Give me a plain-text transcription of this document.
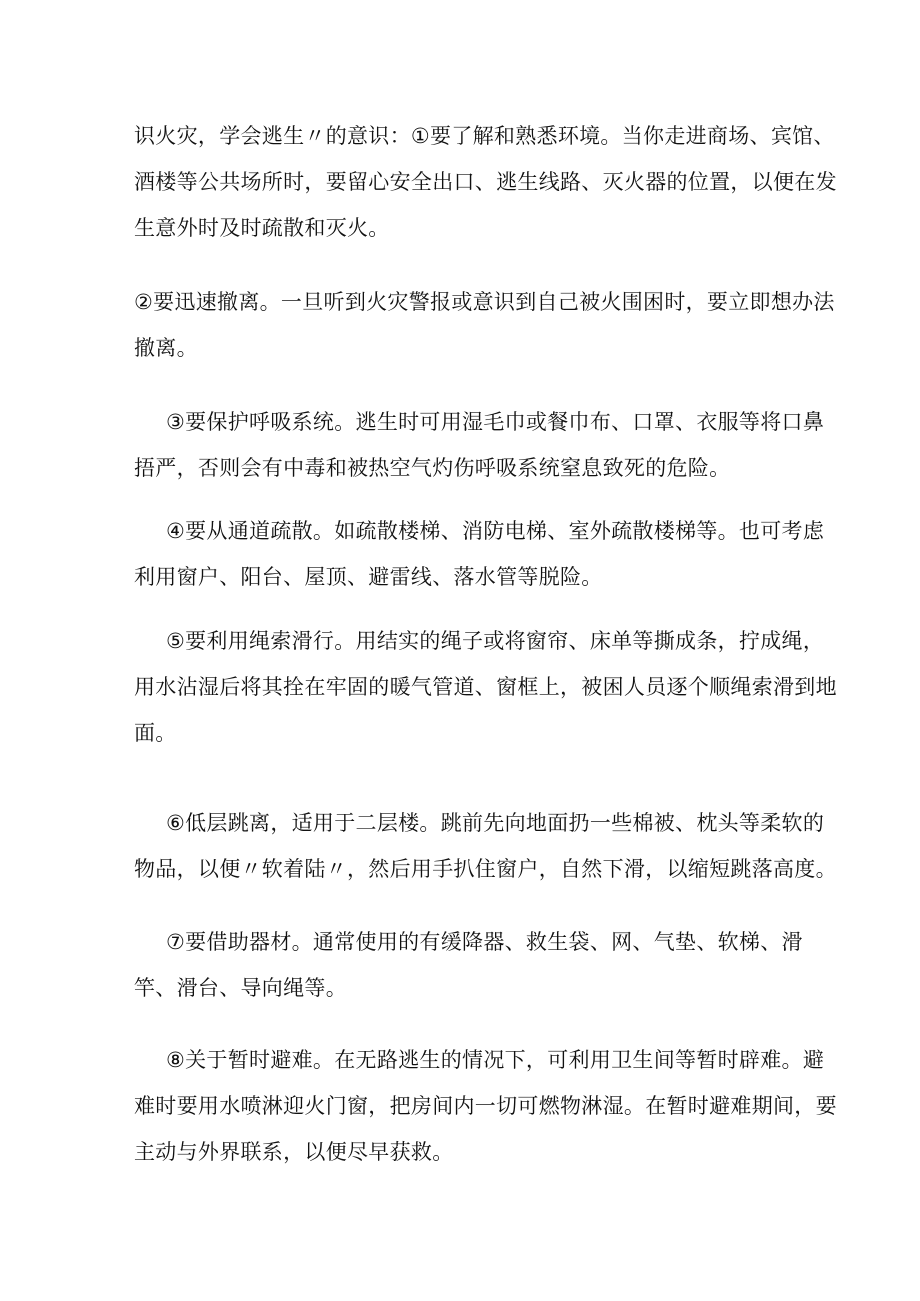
识火灾，学会逃生〃的意识：①要了解和熟悉环境。当你走进商场、宾馆、
酒楼等公共场所时，要留心安全出口、逃生线路、灭火器的位置，以便在发
生意外时及时疏散和灭火。

②要迅速撤离。一旦听到火灾警报或意识到自己被火围困时，要立即想办法
撤离。

③要保护呼吸系统。逃生时可用湿毛巾或餐巾布、口罩、衣服等将口鼻
捂严，否则会有中毒和被热空气灼伤呼吸系统窒息致死的危险。

④要从通道疏散。如疏散楼梯、消防电梯、室外疏散楼梯等。也可考虑
利用窗户、阳台、屋顶、避雷线、落水管等脱险。

⑤要利用绳索滑行。用结实的绳子或将窗帘、床单等撕成条，拧成绳，
用水沾湿后将其拴在牢固的暖气管道、窗框上，被困人员逐个顺绳索滑到地
面。

⑥低层跳离，适用于二层楼。跳前先向地面扔一些棉被、枕头等柔软的
物品，以便〃软着陆〃，然后用手扒住窗户，自然下滑，以缩短跳落高度。

⑦要借助器材。通常使用的有缓降器、救生袋、网、气垫、软梯、滑
竿、滑台、导向绳等。

⑧关于暂时避难。在无路逃生的情况下，可利用卫生间等暂时辟难。避
难时要用水喷淋迎火门窗，把房间内一切可燃物淋湿。在暂时避难期间，要
主动与外界联系，以便尽早获救。
